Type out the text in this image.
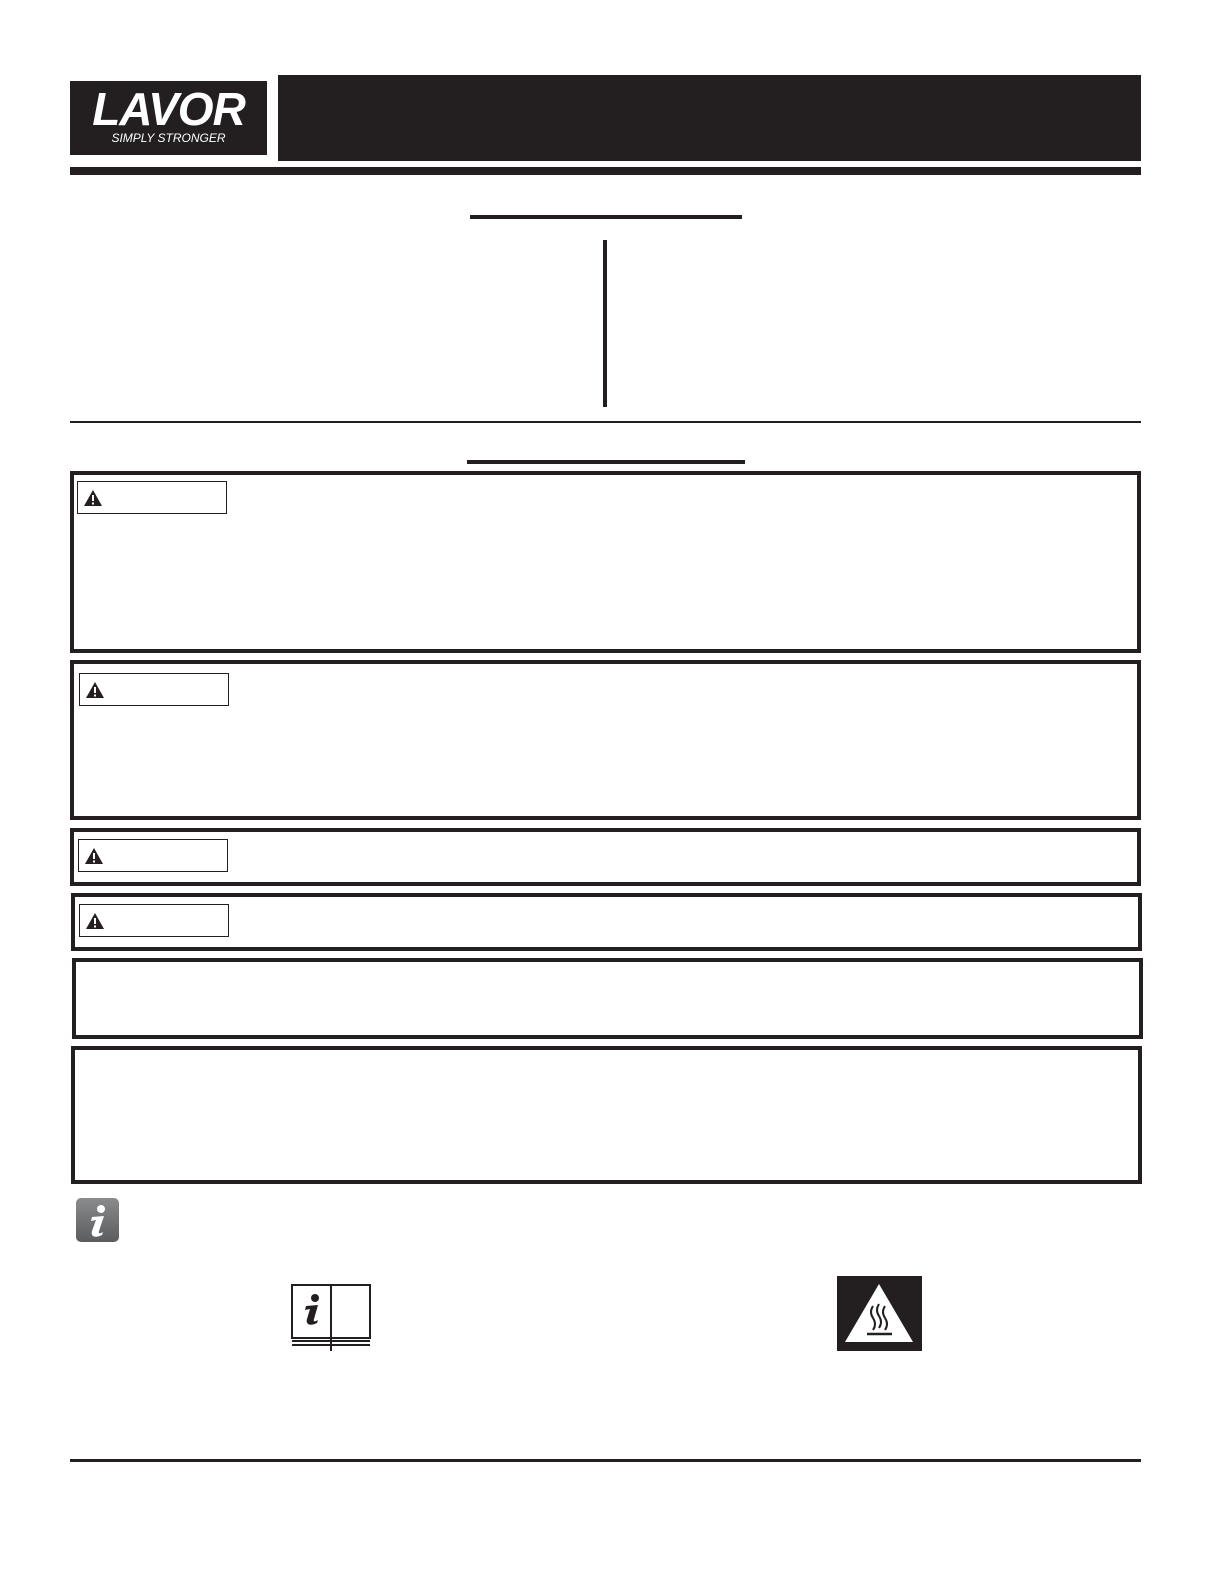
LAVOR
SIMPLY STRONGER
